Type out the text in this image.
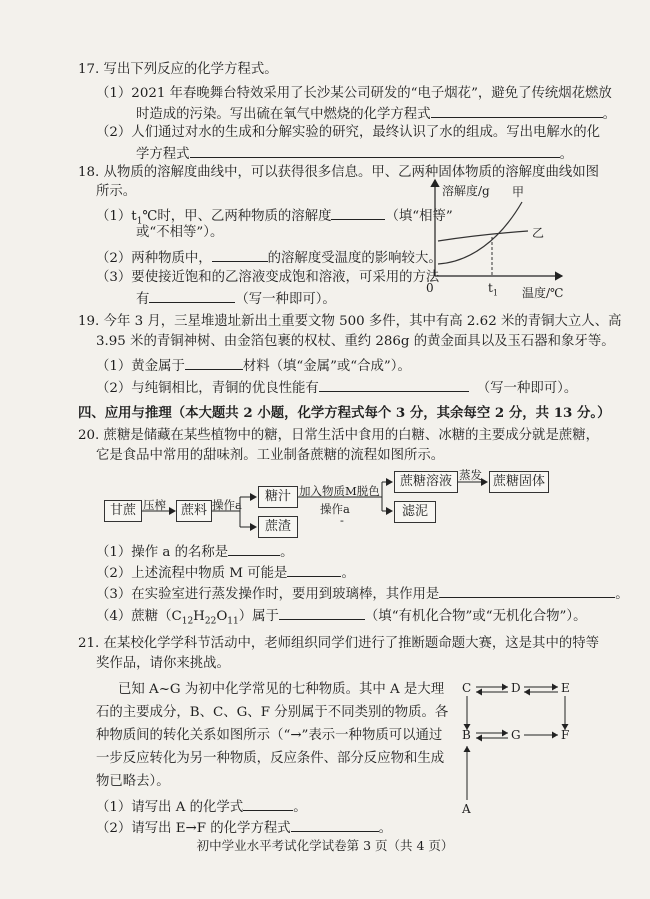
17. 写出下列反应的化学方程式。
（1）2021 年春晚舞台特效采用了长沙某公司研发的“电子烟花”，避免了传统烟花燃放
时造成的污染。写出硫在氧气中燃烧的化学方程式	。
（2）人们通过对水的生成和分解实验的研究，最终认识了水的组成。写出电解水的化
学方程式	。
18. 从物质的溶解度曲线中，可以获得很多信息。甲、乙两种固体物质的溶解度曲线如图
所示。
$(1)t_1℃$时，甲、乙两种物质的溶解度	（填“相等”
或“不相等”）。
（2）两种物质中，	的溶解度受温度的影响较大。
（3）要使接近饱和的乙溶液变成饱和溶液，可采用的方法
有	（写一种即可）。
溶解度/g 甲
乙
0	$t_1$ 温度/℃
19. 今年 3 月，三星堆遗址新出土重要文物 500 多件，其中有高 2.62 米的青铜大立人、高
3.95 米的青铜神树、由金箔包裹的权杖、重约 286g 的黄金面具以及玉石器和象牙等。
（1）黄金属于	材料（填“金属”或“合成”）。
（2）与纯铜相比，青铜的优良性能有	（写一种即可）。
四、应用与推理（本大题共 2 小题，化学方程式每个 3 分，其余每空 2 分，共 13 分。）
20. 蔗糖是储藏在某些植物中的糖，日常生活中食用的白糖、冰糖的主要成分就是蔗糖，
它是食品中常用的甜味剂。工业制备蔗糖的流程如图所示。
甘蔗 压榨	蔗料 操作a
糖汁
蔗渣
加入物质M脱色
操作a
-
蔗糖溶液
滤泥
蒸发 蔗糖固体
（1）操作 a 的名称是	。
（2）上述流程中物质 M 可能是	。
（3）在实验室进行蒸发操作时，要用到玻璃棒，其作用是	。
（4）蔗糖$(C_{12}H_{22}O_{11})$属于	（填“有机化合物”或“无机化合物”）。
21. 在某校化学学科节活动中，老师组织同学们进行了推断题命题大赛，这是其中的特等
奖作品，请你来挑战。
已知 A~G 为初中化学常见的七种物质。其中 A 是大理
石的主要成分，B、C、G、F 分别属于不同类别的物质。各
种物质间的转化关系如图所示（“→”表示一种物质可以通过
一步反应转化为另一种物质，反应条件、部分反应物和生成
物已略去）。
（1）请写出 A 的化学式	。
（2）请写出 E→F 的化学方程式	。
C	D	E
B	G	F
A
初中学业水平考试化学试卷第 3 页（共 4 页）
